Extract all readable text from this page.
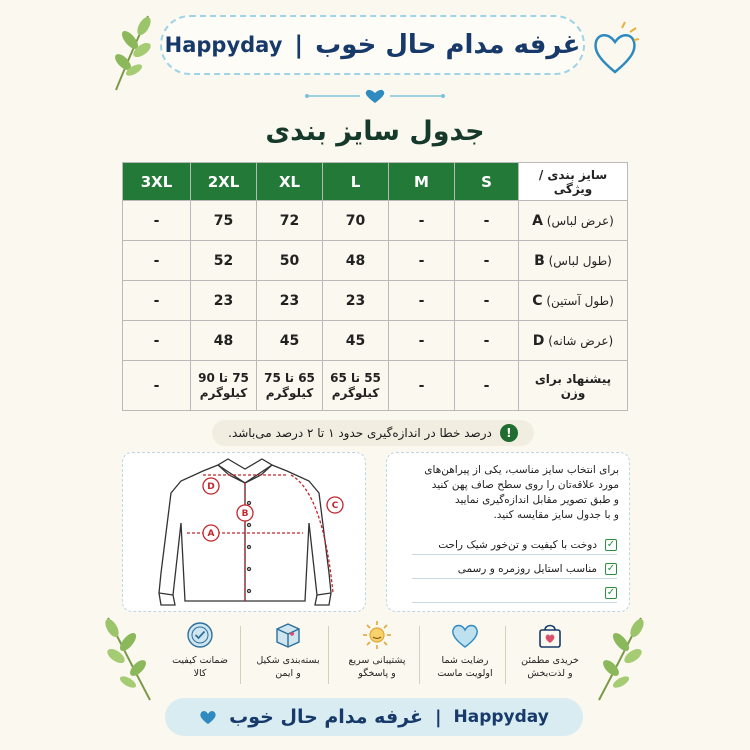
Happyday | غرفه مدام حال خوب
جدول سایز بندی
3XL	2XL	XL	L	M	S	سایز بندی / ویژگی
-	75	72	70	-	-	(عرض لباس) A
-	52	50	48	-	-	(طول لباس) B
-	23	23	23	-	-	(طول آستین) C
-	48	45	45	-	-	(عرض شانه) D
-	75 تا 90 کیلوگرم	65 تا 75 کیلوگرم	55 تا 65 کیلوگرم	-	-	پیشنهاد برای وزن
!
درصد خطا در اندازه‌گیری حدود ۱ تا ۲ درصد می‌باشد.
A
B
D
C
برای انتخاب سایز مناسب، یکی از پیراهن‌های
مورد علاقه‌تان را روی سطح صاف پهن کنید
و طبق تصویر مقابل اندازه‌گیری نمایید
و با جدول سایز مقایسه کنید.
✓
دوخت با کیفیت و تن‌خور شیک راحت
✓
مناسب استایل روزمره و رسمی
✓
خریدی مطمئن
و لذت‌بخش
رضایت شما
اولویت ماست
پشتیبانی سریع
و پاسخگو
بسته‌بندی شکیل
و ایمن
ضمانت کیفیت
کالا
غرفه مدام حال خوب | Happyday
